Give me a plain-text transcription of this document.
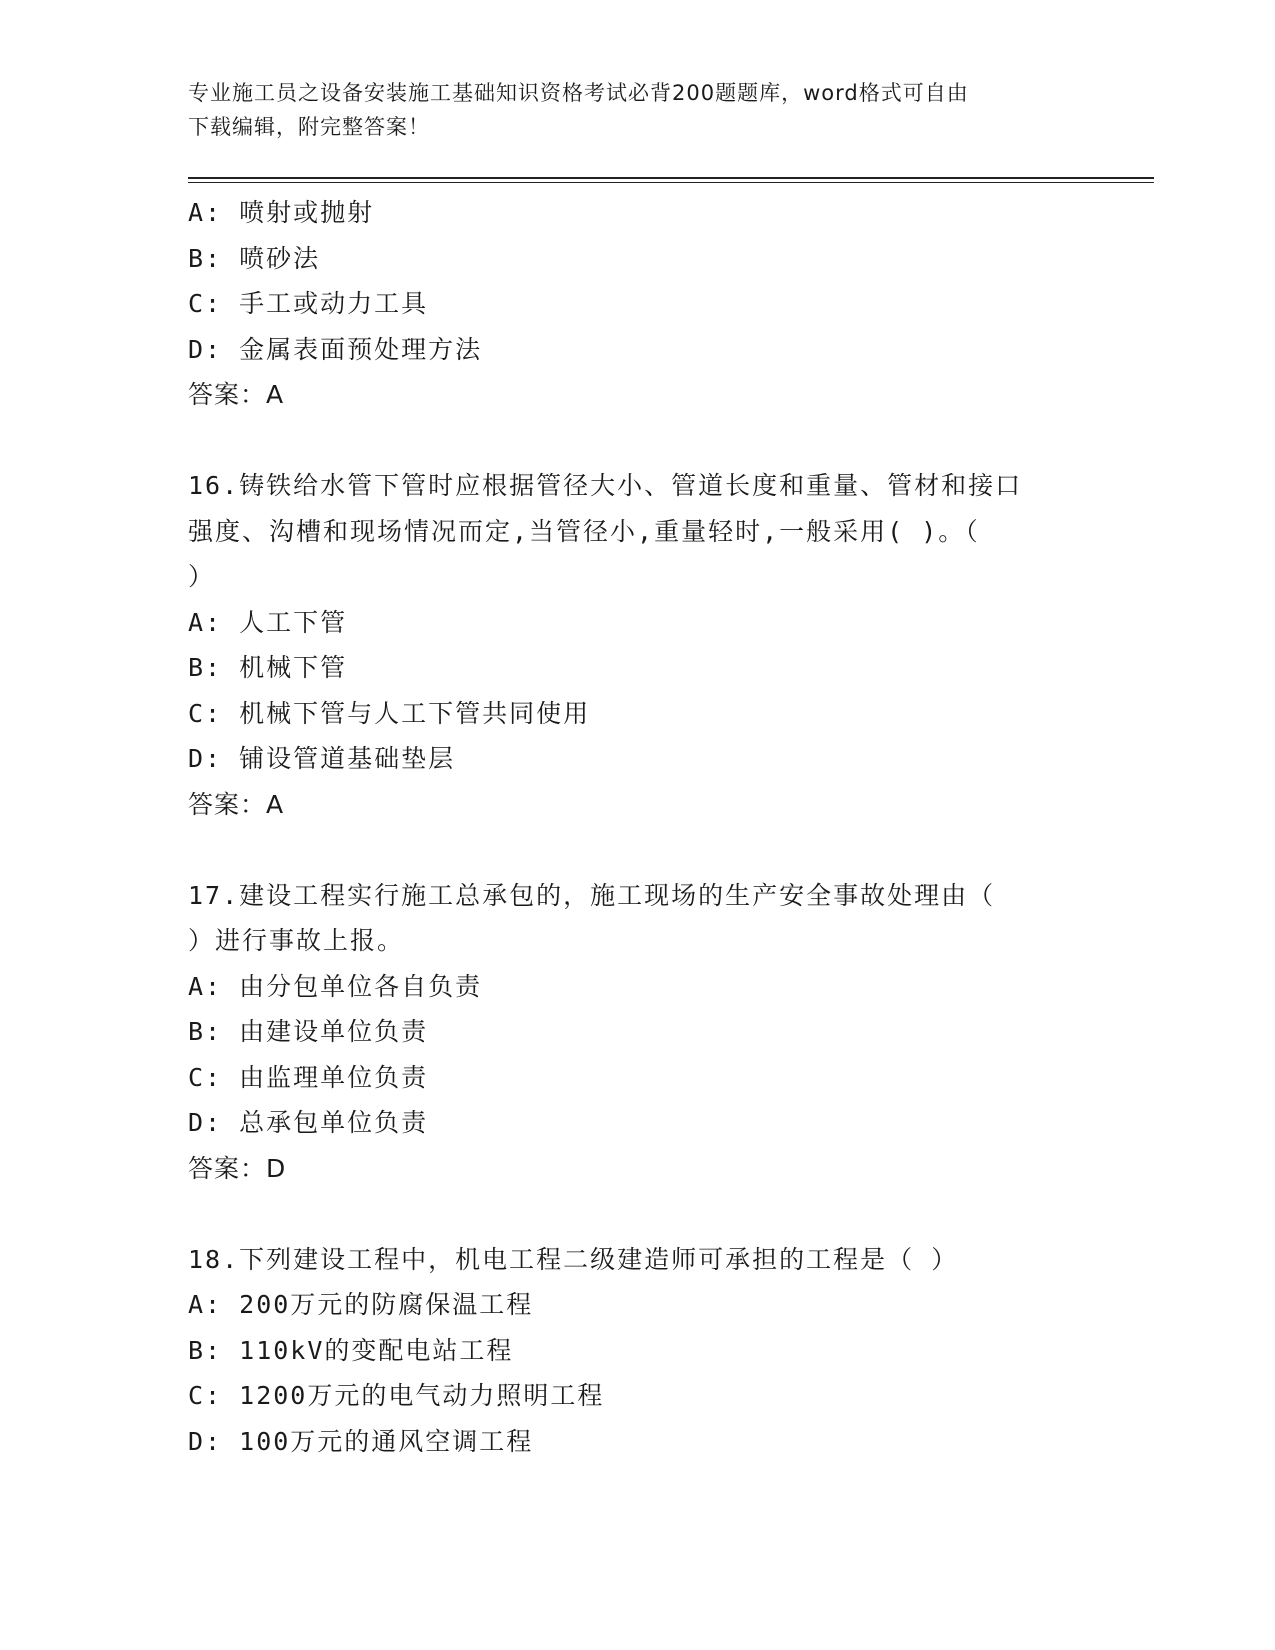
专业施工员之设备安装施工基础知识资格考试必背200题题库，word格式可自由
下载编辑，附完整答案！
A: 喷射或抛射
B: 喷砂法
C: 手工或动力工具
D: 金属表面预处理方法
答案：A
16.铸铁给水管下管时应根据管径大小、管道长度和重量、管材和接口
强度、沟槽和现场情况而定,当管径小,重量轻时,一般采用( )。（
）
A: 人工下管
B: 机械下管
C: 机械下管与人工下管共同使用
D: 铺设管道基础垫层
答案：A
17.建设工程实行施工总承包的，施工现场的生产安全事故处理由（
）进行事故上报。
A: 由分包单位各自负责
B: 由建设单位负责
C: 由监理单位负责
D: 总承包单位负责
答案：D
18.下列建设工程中，机电工程二级建造师可承担的工程是（ ）
A: 200万元的防腐保温工程
B: 110kV的变配电站工程
C: 1200万元的电气动力照明工程
D: 100万元的通风空调工程
